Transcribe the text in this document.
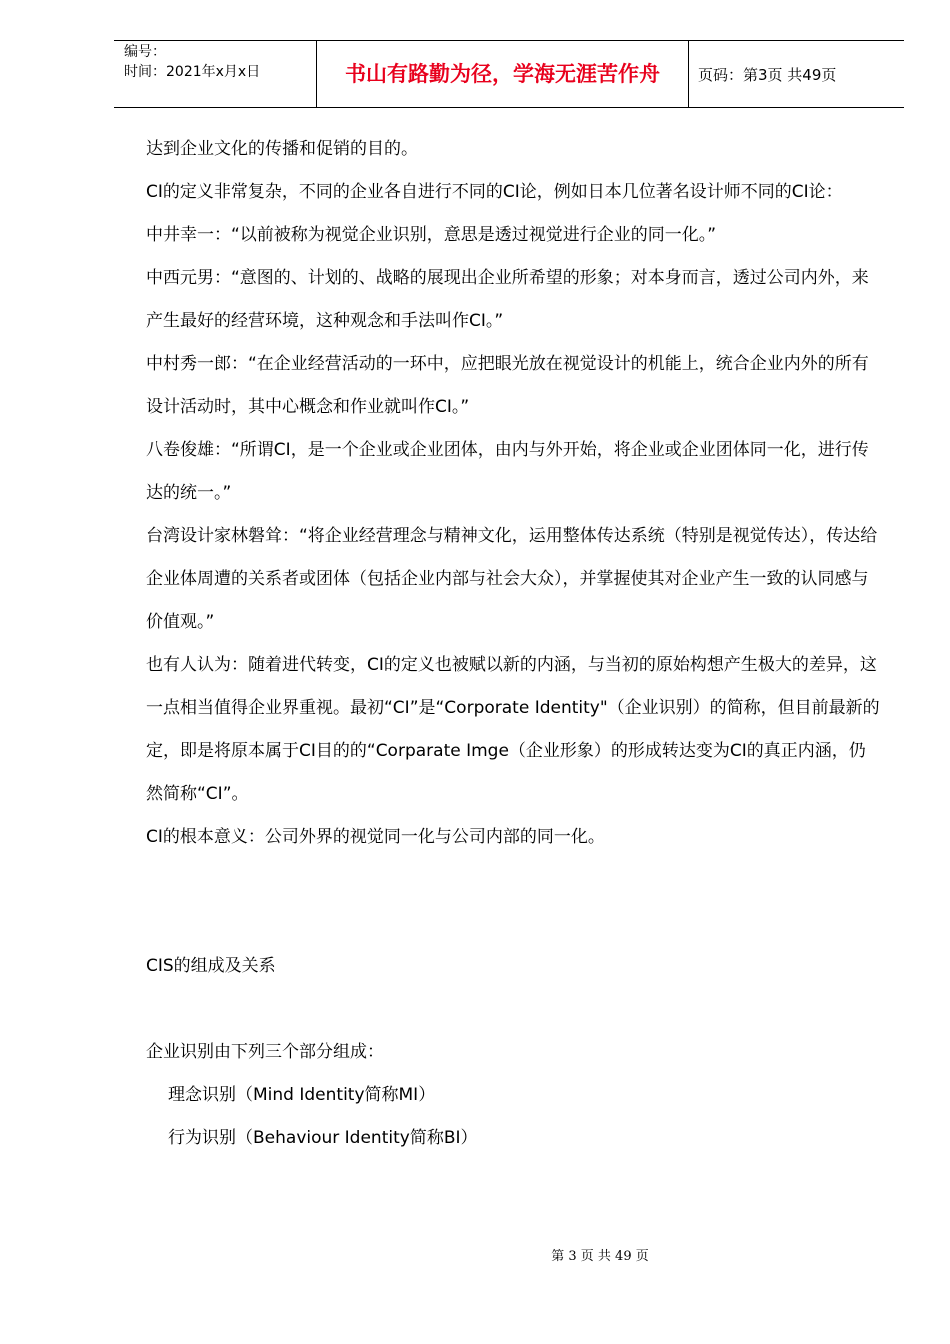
编号：
时间：2021年x月x日	书山有路勤为径，学海无涯苦作舟	页码：第3页 共49页

达到企业文化的传播和促销的目的。

CI的定义非常复杂，不同的企业各自进行不同的CI论，例如日本几位著名设计师不同的CI论：

中井幸一：“以前被称为视觉企业识别，意思是透过视觉进行企业的同一化。”

中西元男：“意图的、计划的、战略的展现出企业所希望的形象；对本身而言，透过公司内外，来产生最好的经营环境，这种观念和手法叫作CI。”

中村秀一郎：“在企业经营活动的一环中，应把眼光放在视觉设计的机能上，统合企业内外的所有设计活动时，其中心概念和作业就叫作CI。”

八卷俊雄：“所谓CI，是一个企业或企业团体，由内与外开始，将企业或企业团体同一化，进行传达的统一。”

台湾设计家林磐耸：“将企业经营理念与精神文化，运用整体传达系统（特别是视觉传达），传达给企业体周遭的关系者或团体（包括企业内部与社会大众），并掌握使其对企业产生一致的认同感与价值观。”

也有人认为：随着进代转变，CI的定义也被赋以新的内涵，与当初的原始构想产生极大的差异，这一点相当值得企业界重视。最初“CI”是“Corporate Identity"（企业识别）的简称，但目前最新的定，即是将原本属于CI目的的“Corparate Imge（企业形象）的形成转达变为CI的真正内涵，仍然简称“CI”。

CI的根本意义：公司外界的视觉同一化与公司内部的同一化。

CIS的组成及关系

企业识别由下列三个部分组成：

理念识别（Mind Identity简称MI）

行为识别（Behaviour Identity简称BI）

第 3 页 共 49 页
